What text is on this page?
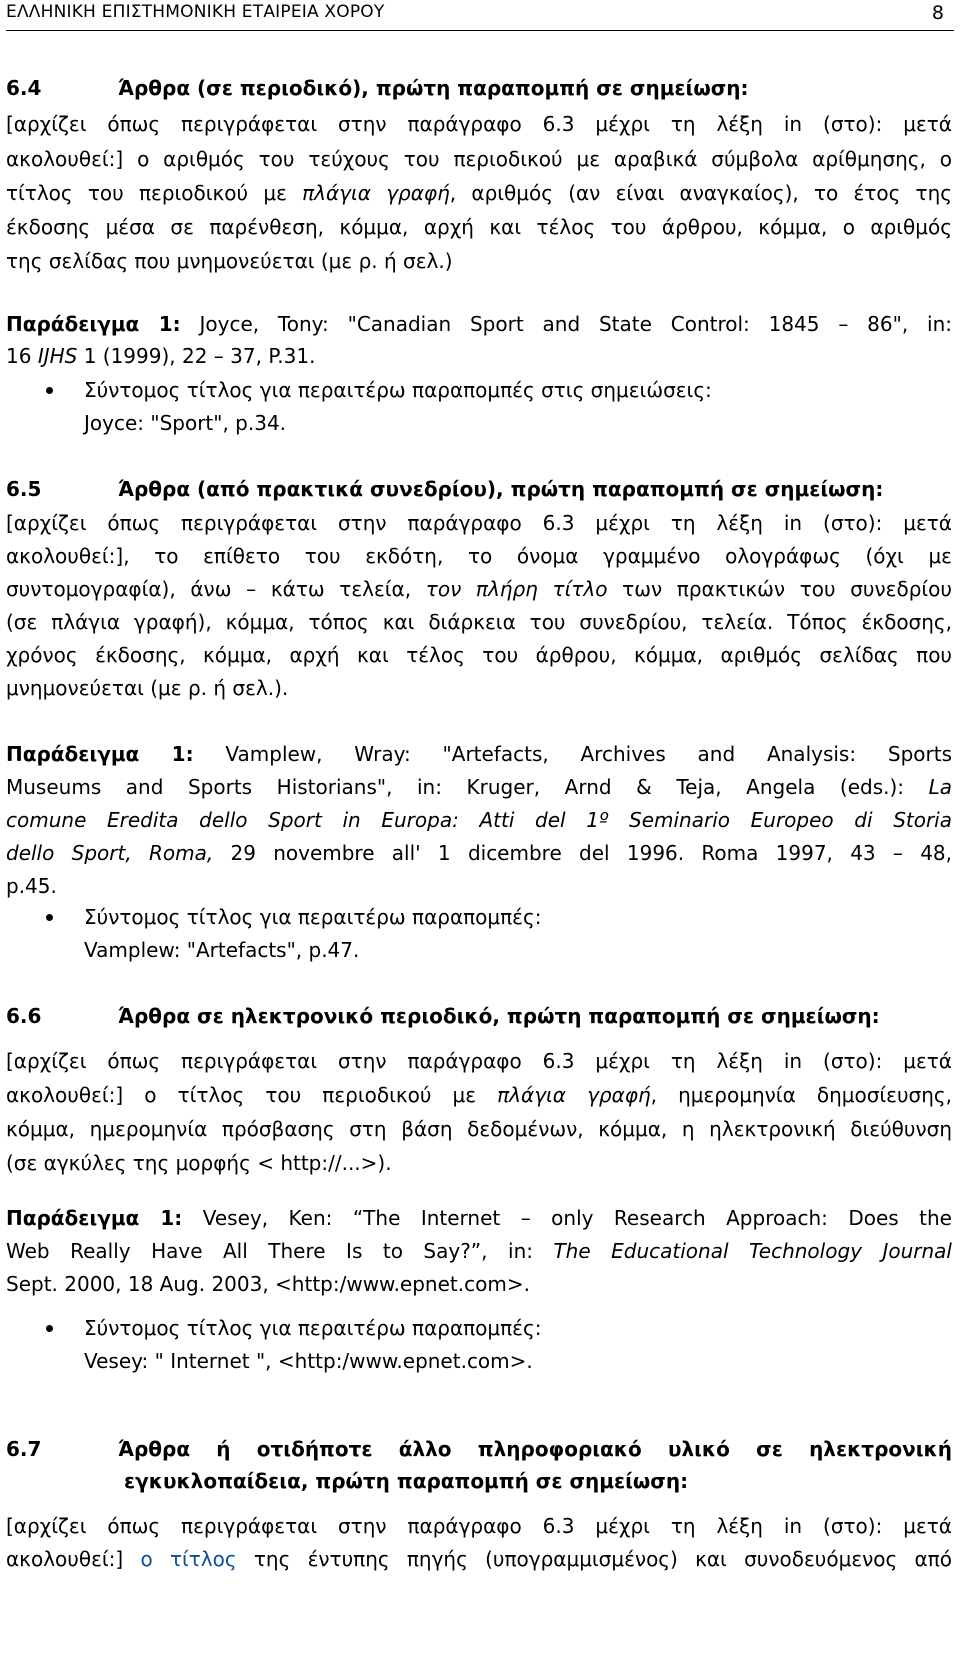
ΕΛΛΗΝΙΚΗ ΕΠΙΣΤΗΜΟΝΙΚΗ ΕΤΑΙΡΕΙΑ ΧΟΡΟΥ	8
6.4	Άρθρα (σε περιοδικό), πρώτη παραπομπή σε σημείωση:
[αρχίζει όπως περιγράφεται στην παράγραφο 6.3 μέχρι τη λέξη in (στο): μετά
ακολουθεί:] ο αριθμός του τεύχους του περιοδικού με αραβικά σύμβολα αρίθμησης, ο
τίτλος του περιοδικού με πλάγια γραφή, αριθμός (αν είναι αναγκαίος), το έτος της
έκδοσης μέσα σε παρένθεση, κόμμα, αρχή και τέλος του άρθρου, κόμμα, ο αριθμός
της σελίδας που μνημονεύεται (με ρ. ή σελ.)
Παράδειγμα 1: Joyce, Tony: "Canadian Sport and State Control: 1845 – 86", in:
16 IJHS 1 (1999), 22 – 37, P.31.
Σύντομος τίτλος για περαιτέρω παραπομπές στις σημειώσεις:
Joyce: "Sport", p.34.
6.5	Άρθρα (από πρακτικά συνεδρίου), πρώτη παραπομπή σε σημείωση:
[αρχίζει όπως περιγράφεται στην παράγραφο 6.3 μέχρι τη λέξη in (στο): μετά
ακολουθεί:], το επίθετο του εκδότη, το όνομα γραμμένο ολογράφως (όχι με
συντομογραφία), άνω – κάτω τελεία, τον πλήρη τίτλο των πρακτικών του συνεδρίου
(σε πλάγια γραφή), κόμμα, τόπος και διάρκεια του συνεδρίου, τελεία. Τόπος έκδοσης,
χρόνος έκδοσης, κόμμα, αρχή και τέλος του άρθρου, κόμμα, αριθμός σελίδας που
μνημονεύεται (με ρ. ή σελ.).
Παράδειγμα 1: Vamplew, Wray: "Artefacts, Archives and Analysis: Sports
Museums and Sports Historians", in: Kruger, Arnd & Teja, Angela (eds.): La
comune Eredita dello Sport in Europa: Atti del 1º Seminario Europeo di Storia
dello Sport, Roma, 29 novembre all' 1 dicembre del 1996. Roma 1997, 43 – 48,
p.45.
Σύντομος τίτλος για περαιτέρω παραπομπές:
Vamplew: "Artefacts", p.47.
6.6	Άρθρα σε ηλεκτρονικό περιοδικό, πρώτη παραπομπή σε σημείωση:
[αρχίζει όπως περιγράφεται στην παράγραφο 6.3 μέχρι τη λέξη in (στο): μετά
ακολουθεί:] ο τίτλος του περιοδικού με πλάγια γραφή, ημερομηνία δημοσίευσης,
κόμμα, ημερομηνία πρόσβασης στη βάση δεδομένων, κόμμα, η ηλεκτρονική διεύθυνση
(σε αγκύλες της μορφής < http://...>).
Παράδειγμα 1: Vesey, Ken: “The Internet – only Research Approach: Does the
Web Really Have All There Is to Say?”, in: The Educational Technology Journal
Sept. 2000, 18 Aug. 2003, <http:/www.epnet.com>.
Σύντομος τίτλος για περαιτέρω παραπομπές:
Vesey: " Internet ", <http:/www.epnet.com>.
6.7	Άρθρα ή οτιδήποτε άλλο πληροφοριακό υλικό σε ηλεκτρονική
εγκυκλοπαίδεια, πρώτη παραπομπή σε σημείωση:
[αρχίζει όπως περιγράφεται στην παράγραφο 6.3 μέχρι τη λέξη in (στο): μετά
ακολουθεί:] ο τίτλος της έντυπης πηγής (υπογραμμισμένος) και συνοδευόμενος από
